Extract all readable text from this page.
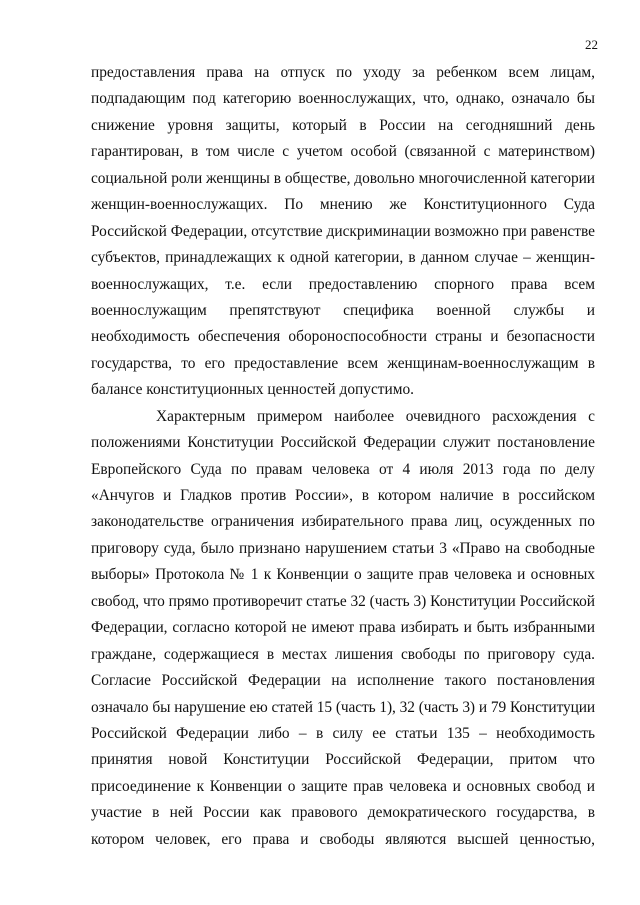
22
предоставления права на отпуск по уходу за ребенком всем лицам,
подпадающим под категорию военнослужащих, что, однако, означало бы
снижение уровня защиты, который в России на сегодняшний день
гарантирован, в том числе с учетом особой (связанной с материнством)
социальной роли женщины в обществе, довольно многочисленной категории
женщин-военнослужащих. По мнению же Конституционного Суда
Российской Федерации, отсутствие дискриминации возможно при равенстве
субъектов, принадлежащих к одной категории, в данном случае – женщин-
военнослужащих, т.е. если предоставлению спорного права всем
военнослужащим препятствуют специфика военной службы и
необходимость обеспечения обороноспособности страны и безопасности
государства, то его предоставление всем женщинам-военнослужащим в
балансе конституционных ценностей допустимо.
Характерным примером наиболее очевидного расхождения с
положениями Конституции Российской Федерации служит постановление
Европейского Суда по правам человека от 4 июля 2013 года по делу
«Анчугов и Гладков против России», в котором наличие в российском
законодательстве ограничения избирательного права лиц, осужденных по
приговору суда, было признано нарушением статьи 3 «Право на свободные
выборы» Протокола № 1 к Конвенции о защите прав человека и основных
свобод, что прямо противоречит статье 32 (часть 3) Конституции Российской
Федерации, согласно которой не имеют права избирать и быть избранными
граждане, содержащиеся в местах лишения свободы по приговору суда.
Согласие Российской Федерации на исполнение такого постановления
означало бы нарушение ею статей 15 (часть 1), 32 (часть 3) и 79 Конституции
Российской Федерации либо – в силу ее статьи 135 – необходимость
принятия новой Конституции Российской Федерации, притом что
присоединение к Конвенции о защите прав человека и основных свобод и
участие в ней России как правового демократического государства, в
котором человек, его права и свободы являются высшей ценностью,
